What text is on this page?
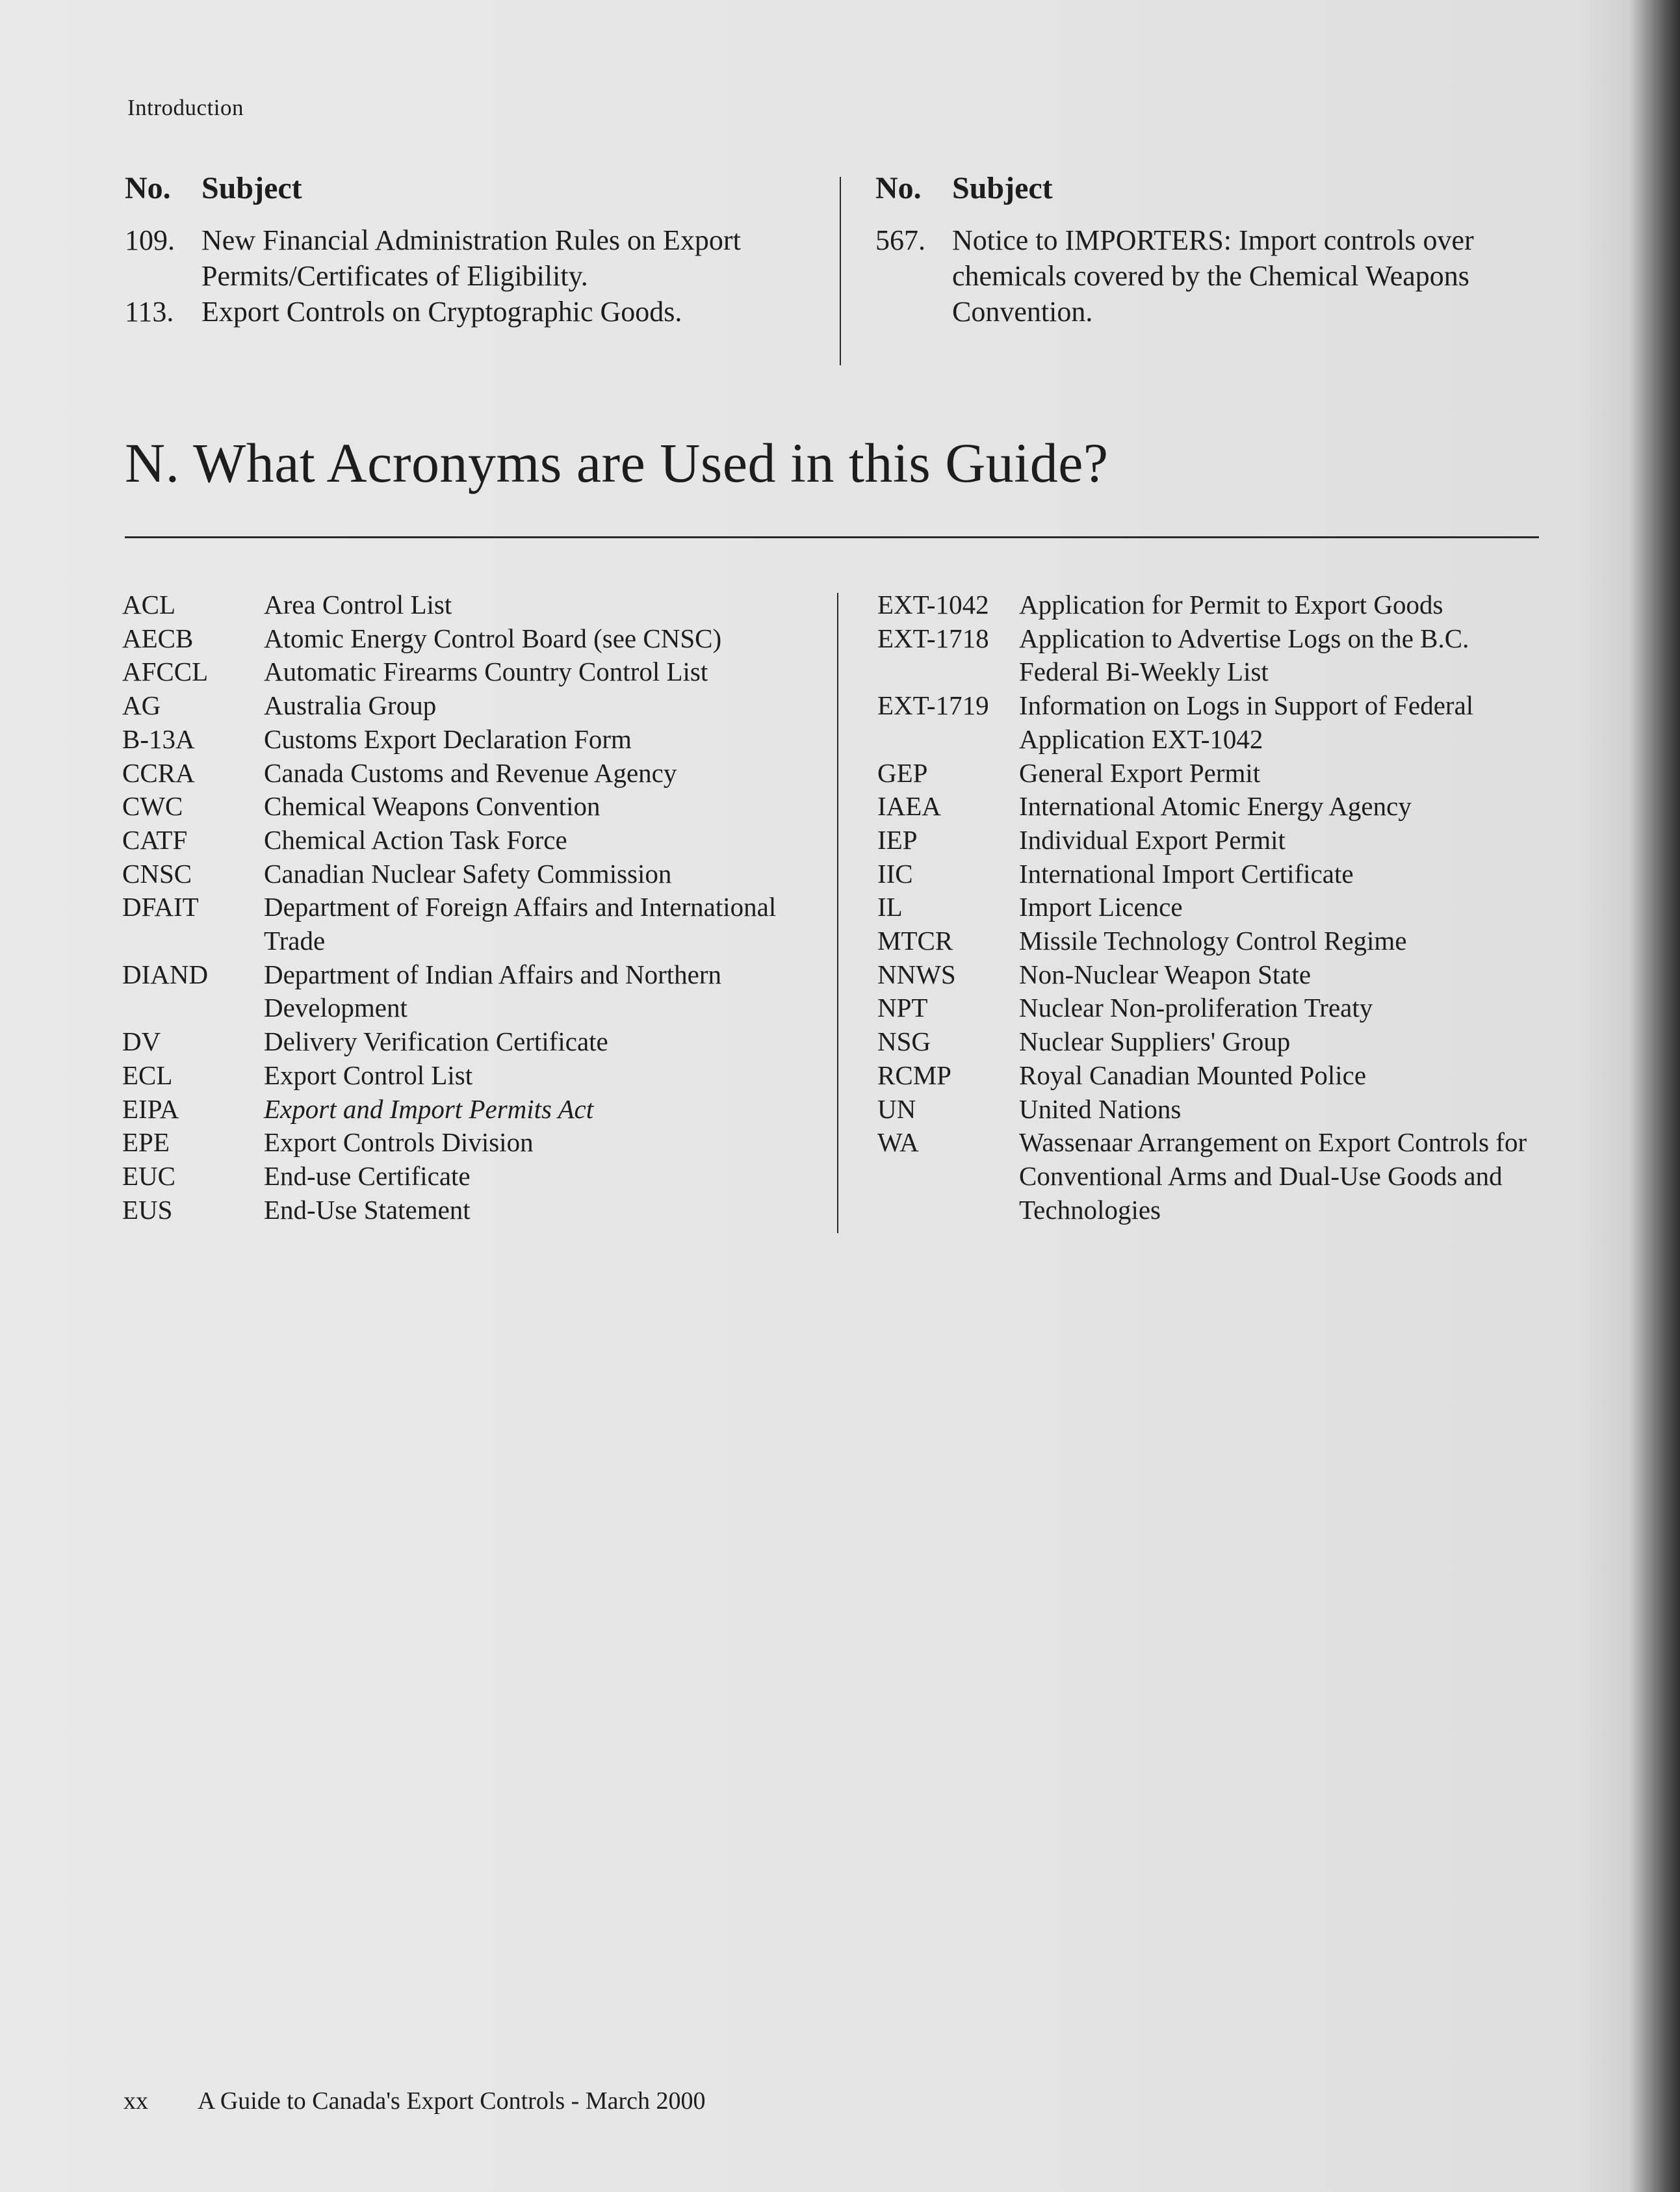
Introduction
No. Subject
109. New Financial Administration Rules on Export Permits/Certificates of Eligibility.
113. Export Controls on Cryptographic Goods.
No. Subject
567. Notice to IMPORTERS: Import controls over chemicals covered by the Chemical Weapons Convention.
N. What Acronyms are Used in this Guide?
ACL	Area Control List
AECB	Atomic Energy Control Board (see CNSC)
AFCCL	Automatic Firearms Country Control List
AG	Australia Group
B-13A	Customs Export Declaration Form
CCRA	Canada Customs and Revenue Agency
CWC	Chemical Weapons Convention
CATF	Chemical Action Task Force
CNSC	Canadian Nuclear Safety Commission
DFAIT	Department of Foreign Affairs and International Trade
DIAND	Department of Indian Affairs and Northern Development
DV	Delivery Verification Certificate
ECL	Export Control List
EIPA	Export and Import Permits Act
EPE	Export Controls Division
EUC	End-use Certificate
EUS	End-Use Statement
EXT-1042	Application for Permit to Export Goods
EXT-1718	Application to Advertise Logs on the B.C. Federal Bi-Weekly List
EXT-1719	Information on Logs in Support of Federal Application EXT-1042
GEP	General Export Permit
IAEA	International Atomic Energy Agency
IEP	Individual Export Permit
IIC	International Import Certificate
IL	Import Licence
MTCR	Missile Technology Control Regime
NNWS	Non-Nuclear Weapon State
NPT	Nuclear Non-proliferation Treaty
NSG	Nuclear Suppliers' Group
RCMP	Royal Canadian Mounted Police
UN	United Nations
WA	Wassenaar Arrangement on Export Controls for Conventional Arms and Dual-Use Goods and Technologies
xx A Guide to Canada's Export Controls - March 2000
